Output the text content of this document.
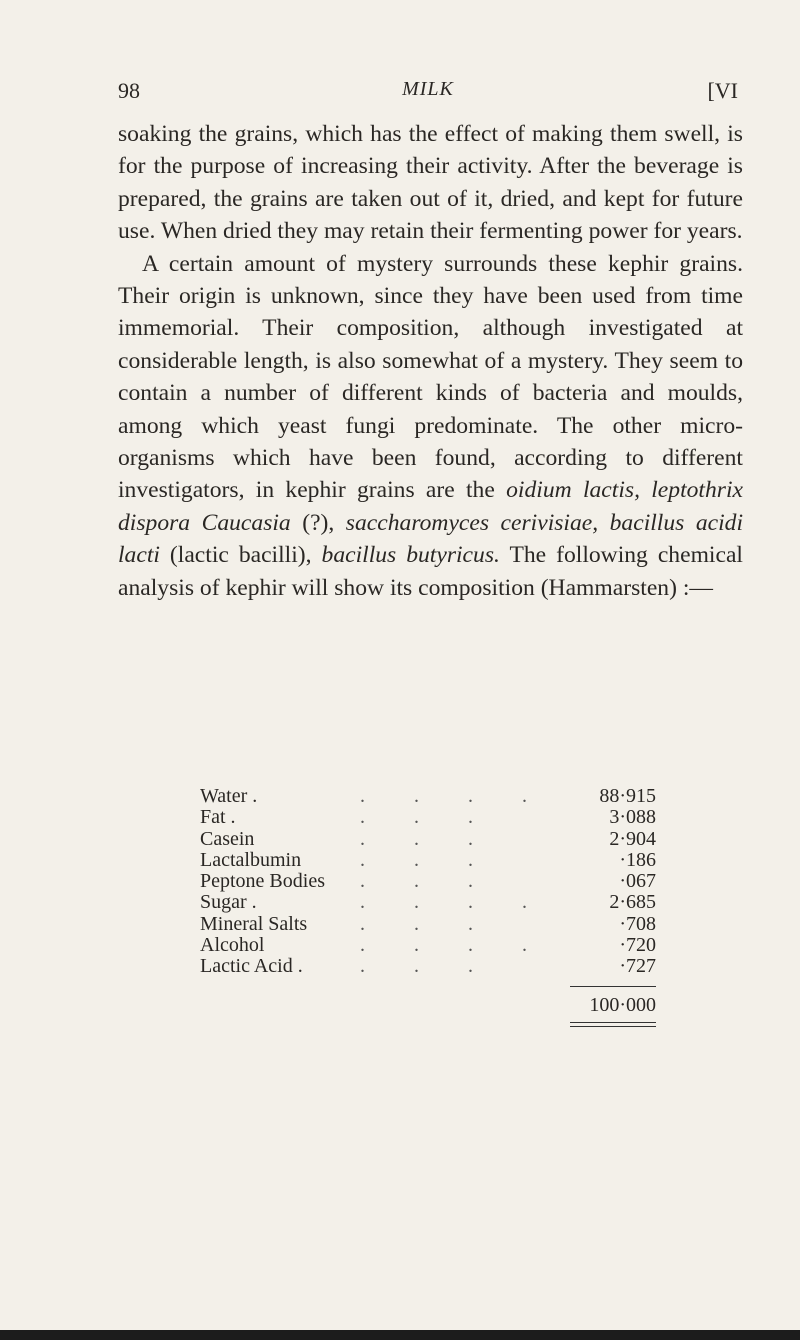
98	MILK	[VI

soaking the grains, which has the effect of making them swell, is for the purpose of increasing their activity. After the beverage is prepared, the grains are taken out of it, dried, and kept for future use. When dried they may retain their fermenting power for years.

A certain amount of mystery surrounds these kephir grains. Their origin is unknown, since they have been used from time immemorial. Their composition, although investigated at considerable length, is also somewhat of a mystery. They seem to contain a number of different kinds of bacteria and moulds, among which yeast fungi predominate. The other micro-organisms which have been found, according to different investigators, in kephir grains are the oidium lactis, leptothrix dispora Caucasia (?), saccharomyces cerivisiae, bacillus acidi lacti (lactic bacilli), bacillus butyricus. The following chemical analysis of kephir will show its composition (Hammarsten) :—

Water .	. . . .	88·915
Fat .	. . .	3·088
Casein	. . .	2·904
Lactalbumin	. . .	·186
Peptone Bodies . . .	·067
Sugar .	. . . .	2·685
Mineral Salts	. . .	·708
Alcohol	. . . .	·720
Lactic Acid .	. . .	·727
100·000
